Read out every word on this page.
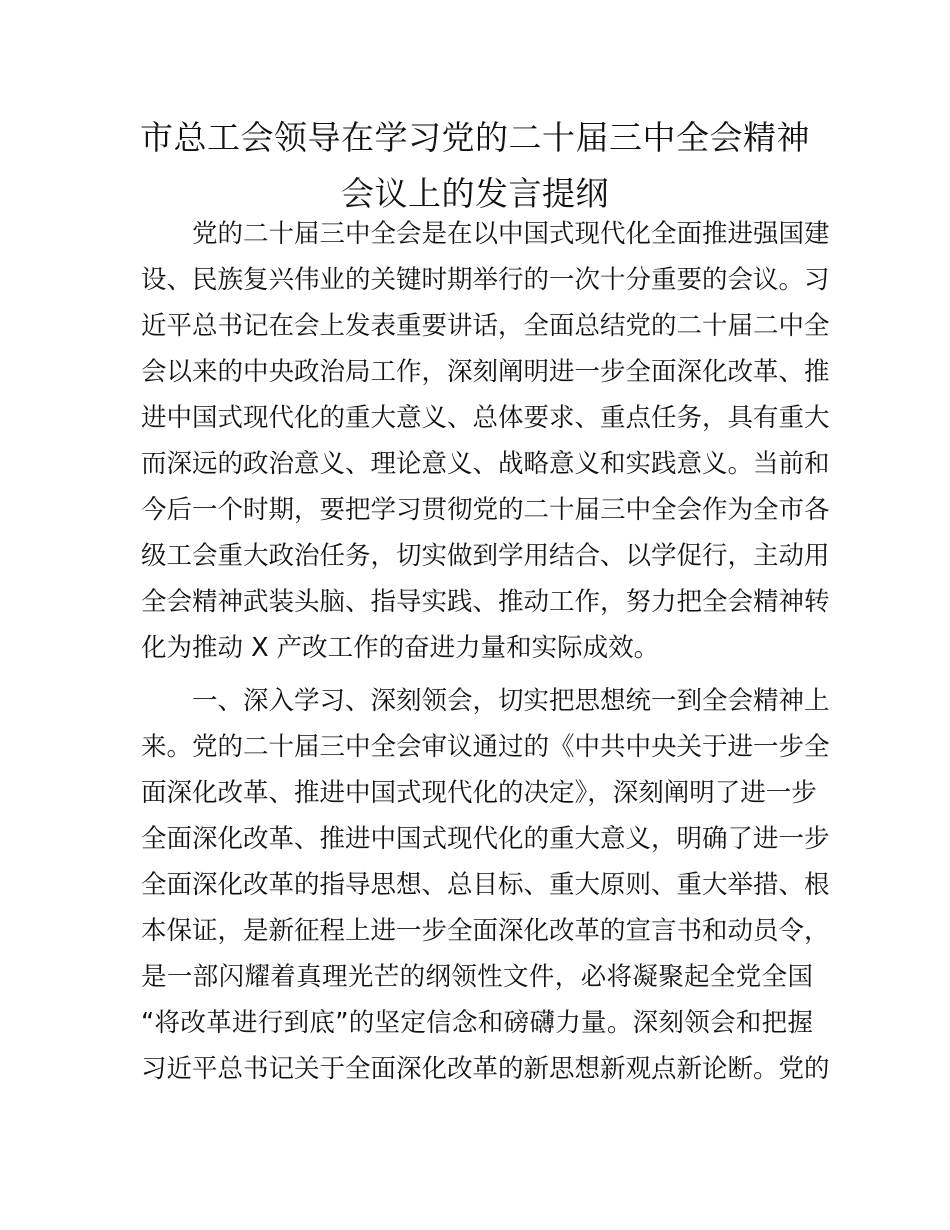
市总工会领导在学习党的二十届三中全会精神
会议上的发言提纲
党的二十届三中全会是在以中国式现代化全面推进强国建
设、民族复兴伟业的关键时期举行的一次十分重要的会议。习
近平总书记在会上发表重要讲话，全面总结党的二十届二中全
会以来的中央政治局工作，深刻阐明进一步全面深化改革、推
进中国式现代化的重大意义、总体要求、重点任务，具有重大
而深远的政治意义、理论意义、战略意义和实践意义。当前和
今后一个时期，要把学习贯彻党的二十届三中全会作为全市各
级工会重大政治任务，切实做到学用结合、以学促行，主动用
全会精神武装头脑、指导实践、推动工作，努力把全会精神转
化为推动 X 产改工作的奋进力量和实际成效。
一、深入学习、深刻领会，切实把思想统一到全会精神上
来。党的二十届三中全会审议通过的《中共中央关于进一步全
面深化改革、推进中国式现代化的决定》，深刻阐明了进一步
全面深化改革、推进中国式现代化的重大意义，明确了进一步
全面深化改革的指导思想、总目标、重大原则、重大举措、根
本保证，是新征程上进一步全面深化改革的宣言书和动员令，
是一部闪耀着真理光芒的纲领性文件，必将凝聚起全党全国
“将改革进行到底”的坚定信念和磅礴力量。深刻领会和把握
习近平总书记关于全面深化改革的新思想新观点新论断。党的
